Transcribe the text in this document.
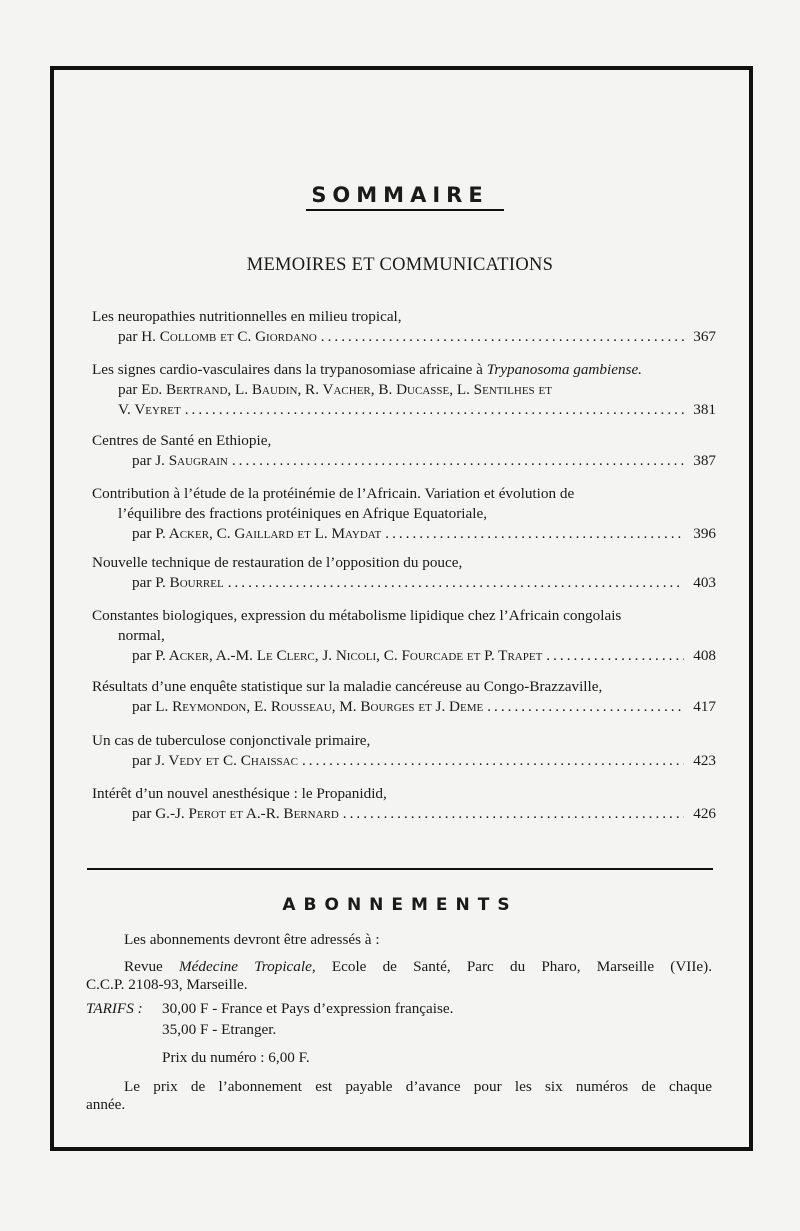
SOMMAIRE
MEMOIRES ET COMMUNICATIONS
Les neuropathies nutritionnelles en milieu tropical,
par
H. Collomb et C. Giordano .....	367
Les signes cardio-vasculaires dans la trypanosomiase africaine à
Trypanosoma gambiense.
par
Ed. Bertrand, L. Baudin, R. Vacher, B. Ducasse, L. Sentilhes et
V. Veyret .....	381
Centres de Santé en Ethiopie,
par
J. Saugrain .....	387
Contribution à l’étude de la protéinémie de l’Africain. Variation et évolution de
l’équilibre des fractions protéiniques en Afrique Equatoriale,
par
P. Acker, C. Gaillard et L. Maydat .....	396
Nouvelle technique de restauration de l’opposition du pouce,
par
P. Bourrel .....	403
Constantes biologiques, expression du métabolisme lipidique chez l’Africain congolais
normal,
par
P. Acker, A.-M. Le Clerc, J. Nicoli, C. Fourcade et P. Trapet .....	408
Résultats d’une enquête statistique sur la maladie cancéreuse au Congo-Brazzaville,
par
L. Reymondon, E. Rousseau, M. Bourges et J. Deme .....	417
Un cas de tuberculose conjonctivale primaire,
par
J. Vedy et C. Chaissac .....	423
Intérêt d’un nouvel anesthésique : le Propanidid,
par
G.-J. Perot et A.-R. Bernard .....	426
ABONNEMENTS
Les abonnements devront être adressés à :
Revue Médecine Tropicale, Ecole de Santé, Parc du Pharo, Marseille (VIIe).
C.C.P. 2108-93, Marseille.
TARIFS :	30,00 F - France et Pays d’expression française.
35,00 F - Etranger.
Prix du numéro : 6,00 F.
Le prix de l’abonnement est payable d’avance pour les six numéros de chaque
année.
